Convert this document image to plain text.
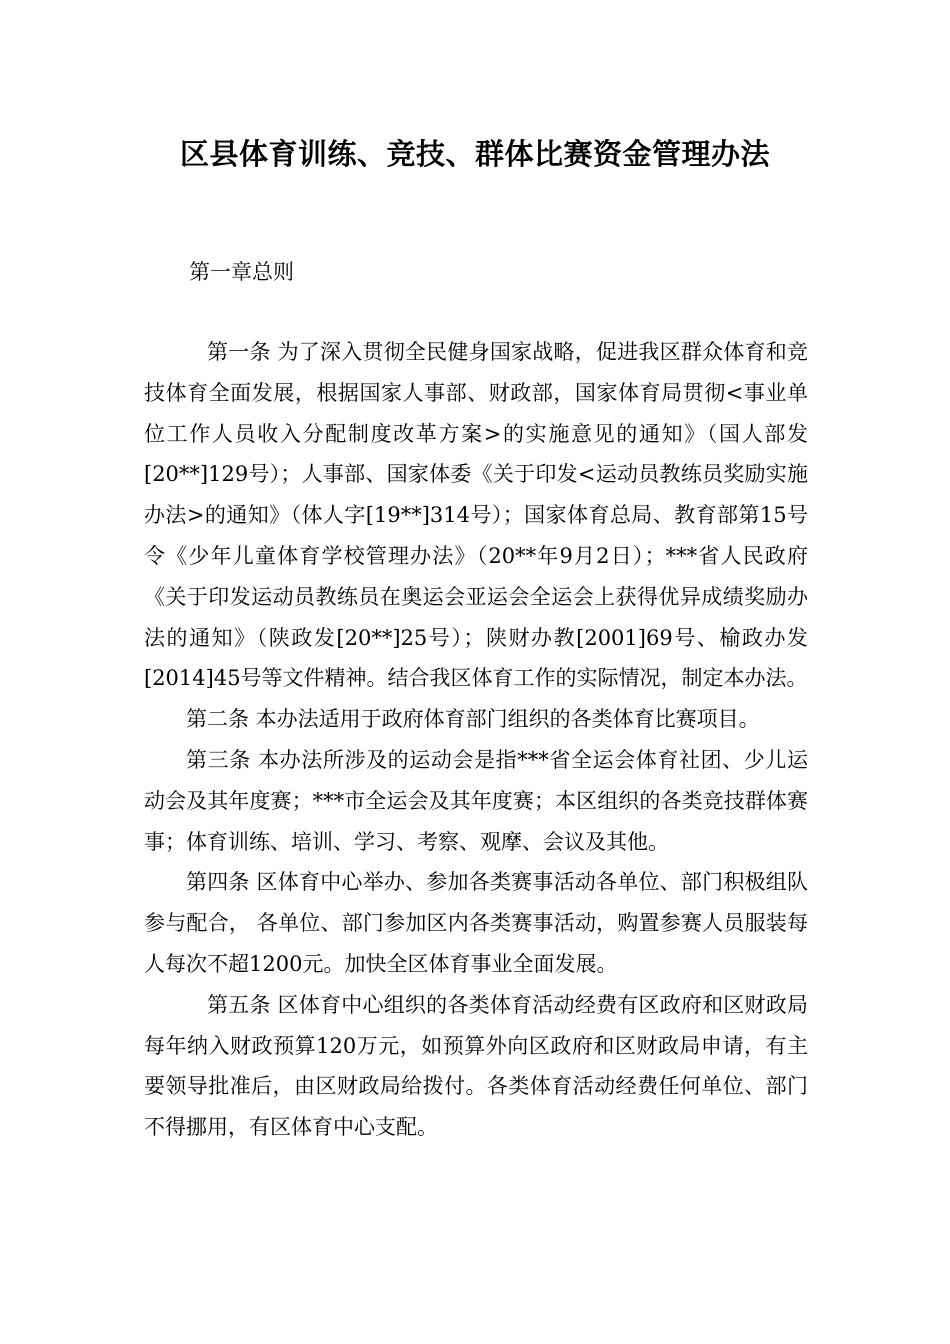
区县体育训练、竞技、群体比赛资金管理办法

第一章总则

第一条 为了深入贯彻全民健身国家战略，促进我区群众体育和竞技体育全面发展，根据国家人事部、财政部，国家体育局贯彻<事业单位工作人员收入分配制度改革方案>的实施意见的通知》（国人部发[20**]129号）；人事部、国家体委《关于印发<运动员教练员奖励实施办法>的通知》（体人字[19**]314号）；国家体育总局、教育部第15号令《少年儿童体育学校管理办法》（20**年9月2日）；***省人民政府《关于印发运动员教练员在奥运会亚运会全运会上获得优异成绩奖励办法的通知》（陕政发[20**]25号）；陕财办教[2001]69号、榆政办发[2014]45号等文件精神。结合我区体育工作的实际情况，制定本办法。

第二条 本办法适用于政府体育部门组织的各类体育比赛项目。

第三条 本办法所涉及的运动会是指***省全运会体育社团、少儿运动会及其年度赛；***市全运会及其年度赛；本区组织的各类竞技群体赛事；体育训练、培训、学习、考察、观摩、会议及其他。

第四条 区体育中心举办、参加各类赛事活动各单位、部门积极组队参与配合， 各单位、部门参加区内各类赛事活动，购置参赛人员服装每人每次不超1200元。加快全区体育事业全面发展。

第五条 区体育中心组织的各类体育活动经费有区政府和区财政局每年纳入财政预算120万元，如预算外向区政府和区财政局申请，有主要领导批准后，由区财政局给拨付。各类体育活动经费任何单位、部门不得挪用，有区体育中心支配。
